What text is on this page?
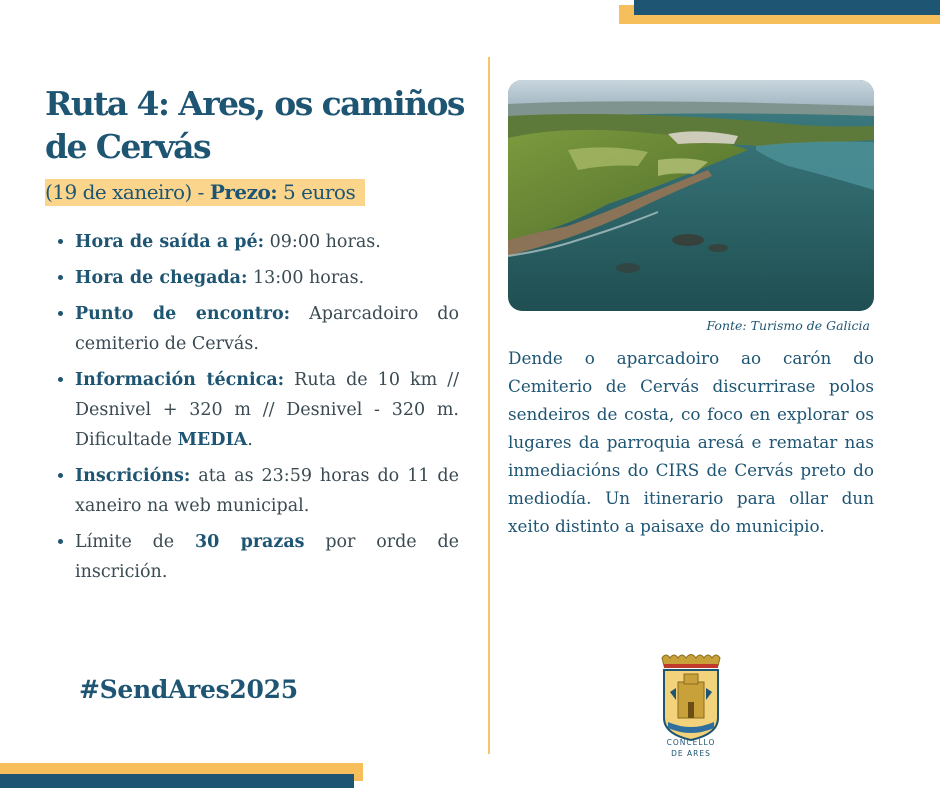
Ruta 4: Ares, os camiños de Cervás
(19 de xaneiro) - Prezo: 5 euros
• Hora de saída a pé: 09:00 horas.
• Hora de chegada: 13:00 horas.
• Punto de encontro: Aparcadoiro do cemiterio de Cervás.
• Información técnica: Ruta de 10 km // Desnivel + 320 m // Desnivel - 320 m. Dificultade MEDIA.
• Inscricións: ata as 23:59 horas do 11 de xaneiro na web municipal.
• Límite de 30 prazas por orde de inscrición.

#SendAres2025

Fonte: Turismo de Galicia

Dende o aparcadoiro ao carón do Cemiterio de Cervás discurrirase polos sendeiros de costa, co foco en explorar os lugares da parroquia aresá e rematar nas inmediacións do CIRS de Cervás preto do mediodía. Un itinerario para ollar dun xeito distinto a paisaxe do municipio.

CONCELLO

DE ARES
